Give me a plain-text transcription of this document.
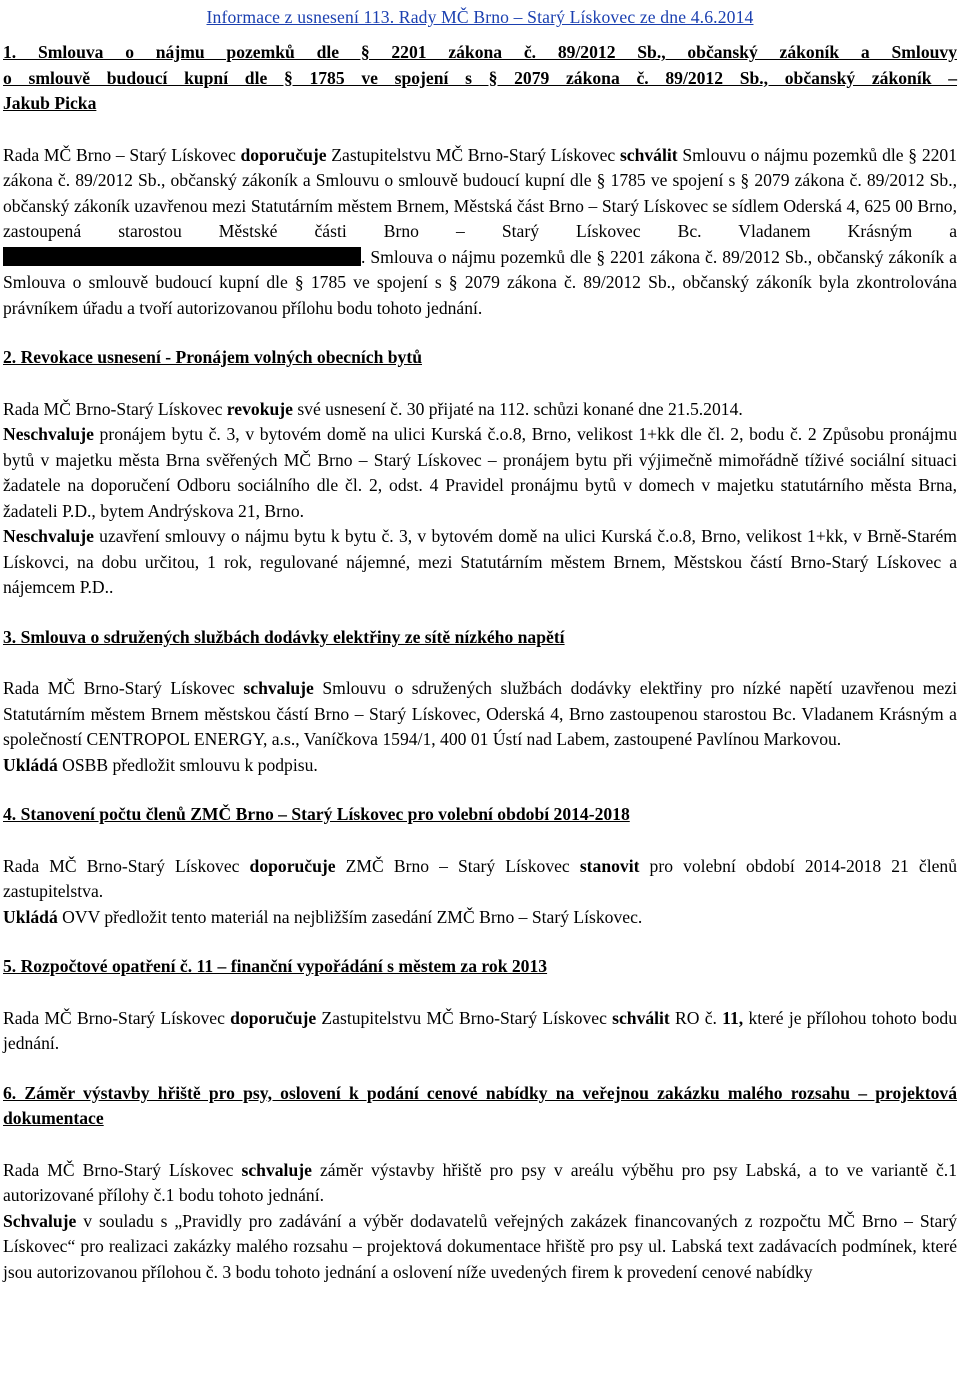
Informace z usnesení 113. Rady MČ Brno – Starý Lískovec ze dne 4.6.2014
1. Smlouva o nájmu pozemků dle § 2201 zákona č. 89/2012 Sb., občanský zákoník a Smlouvy
o smlouvě budoucí kupní dle § 1785 ve spojení s § 2079 zákona č. 89/2012 Sb., občanský zákoník –
Jakub Picka
Rada MČ Brno – Starý Lískovec doporučuje Zastupitelstvu MČ Brno-Starý Lískovec schválit Smlouvu o nájmu pozemků dle § 2201 zákona č. 89/2012 Sb., občanský zákoník a Smlouvu o smlouvě budoucí kupní dle § 1785 ve spojení s § 2079 zákona č. 89/2012 Sb., občanský zákoník uzavřenou mezi Statutárním městem Brnem, Městská část Brno – Starý Lískovec se sídlem Oderská 4, 625 00 Brno, zastoupená starostou Městské části Brno – Starý Lískovec Bc. Vladanem Krásným a . Smlouva o nájmu pozemků dle § 2201 zákona č. 89/2012 Sb., občanský zákoník a Smlouva o smlouvě budoucí kupní dle § 1785 ve spojení s § 2079 zákona č. 89/2012 Sb., občanský zákoník byla zkontrolována právníkem úřadu a tvoří autorizovanou přílohu bodu tohoto jednání.
2. Revokace usnesení - Pronájem volných obecních bytů
Rada MČ Brno-Starý Lískovec revokuje své usnesení č. 30 přijaté na 112. schůzi konané dne 21.5.2014.
Neschvaluje pronájem bytu č. 3, v bytovém domě na ulici Kurská č.o.8, Brno, velikost 1+kk dle čl. 2, bodu č. 2 Způsobu pronájmu bytů v majetku města Brna svěřených MČ Brno – Starý Lískovec – pronájem bytu při výjimečně mimořádně tíživé sociální situaci žadatele na doporučení Odboru sociálního dle čl. 2, odst. 4 Pravidel pronájmu bytů v domech v majetku statutárního města Brna, žadateli P.D., bytem Andrýskova 21, Brno.
Neschvaluje uzavření smlouvy o nájmu bytu k bytu č. 3, v bytovém domě na ulici Kurská č.o.8, Brno, velikost 1+kk, v Brně-Starém Lískovci, na dobu určitou, 1 rok, regulované nájemné, mezi Statutárním městem Brnem, Městskou částí Brno-Starý Lískovec a nájemcem P.D..
3. Smlouva o sdružených službách dodávky elektřiny ze sítě nízkého napětí
Rada MČ Brno-Starý Lískovec schvaluje Smlouvu o sdružených službách dodávky elektřiny pro nízké napětí uzavřenou mezi Statutárním městem Brnem městskou částí Brno – Starý Lískovec, Oderská 4, Brno zastoupenou starostou Bc. Vladanem Krásným a společností CENTROPOL ENERGY, a.s., Vaníčkova 1594/1, 400 01 Ústí nad Labem, zastoupené Pavlínou Markovou.
Ukládá OSBB předložit smlouvu k podpisu.
4. Stanovení počtu členů ZMČ Brno – Starý Lískovec pro volební období 2014-2018
Rada MČ Brno-Starý Lískovec doporučuje ZMČ Brno – Starý Lískovec stanovit pro volební období 2014-2018 21 členů zastupitelstva.
Ukládá OVV předložit tento materiál na nejbližším zasedání ZMČ Brno – Starý Lískovec.
5. Rozpočtové opatření č. 11 – finanční vypořádání s městem za rok 2013
Rada MČ Brno-Starý Lískovec doporučuje Zastupitelstvu MČ Brno-Starý Lískovec schválit RO č. 11, které je přílohou tohoto bodu jednání.
6. Záměr výstavby hřiště pro psy, oslovení k podání cenové nabídky na veřejnou zakázku malého rozsahu – projektová dokumentace
Rada MČ Brno-Starý Lískovec schvaluje záměr výstavby hřiště pro psy v areálu výběhu pro psy Labská, a to ve variantě č.1 autorizované přílohy č.1 bodu tohoto jednání.
Schvaluje v souladu s „Pravidly pro zadávání a výběr dodavatelů veřejných zakázek financovaných z rozpočtu MČ Brno – Starý Lískovec“ pro realizaci zakázky malého rozsahu – projektová dokumentace hřiště pro psy ul. Labská text zadávacích podmínek, které jsou autorizovanou přílohou č. 3 bodu tohoto jednání a oslovení níže uvedených firem k provedení cenové nabídky
